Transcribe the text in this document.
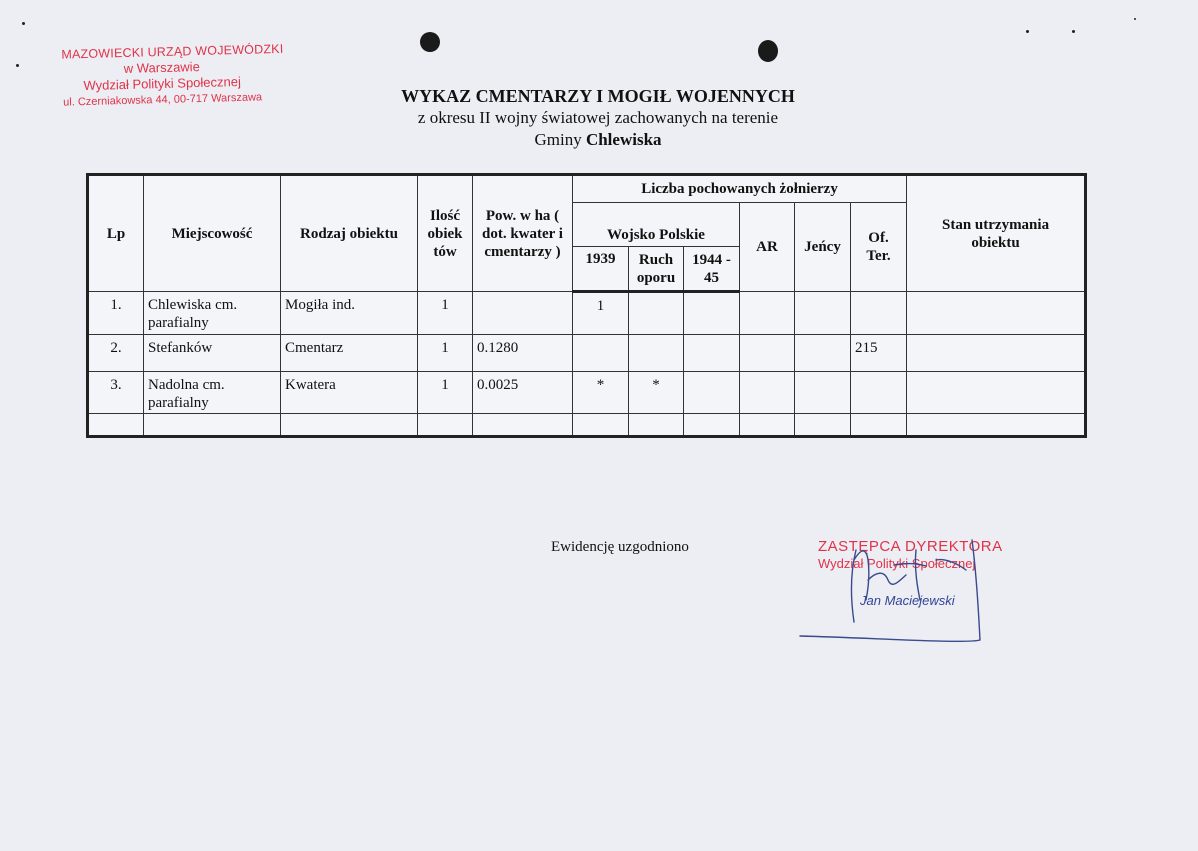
MAZOWIECKI URZĄD WOJEWÓDZKI
w Warszawie
Wydział Polityki Społecznej
ul. Czerniakowska 44, 00-717 Warszawa	WYKAZ CMENTARZY I MOGIŁ WOJENNYCH
z okresu II wojny światowej zachowanych na terenie
Gminy Chlewiska
Lp	Miejscowość	Rodzaj obiektu	Ilość obiek tów	Pow. w ha ( dot. kwater i cmentarzy )	Liczba pochowanych żołnierzy						Stan utrzymania obiektu
					Wojsko Polskie			AR	Jeńcy	Of. Ter.	
					1939	Ruch oporu	1944 - 45				
1.	Chlewiska cm. parafialny	Mogiła ind.	1		1						
2.	Stefanków	Cmentarz	1	0.1280						215	
3.	Nadolna cm. parafialny	Kwatera	1	0.0025	*	*					

Ewidencję uzgodniono	ZASTĘPCA DYREKTORA
Wydział Polityki Społecznej
Jan Maciejewski
